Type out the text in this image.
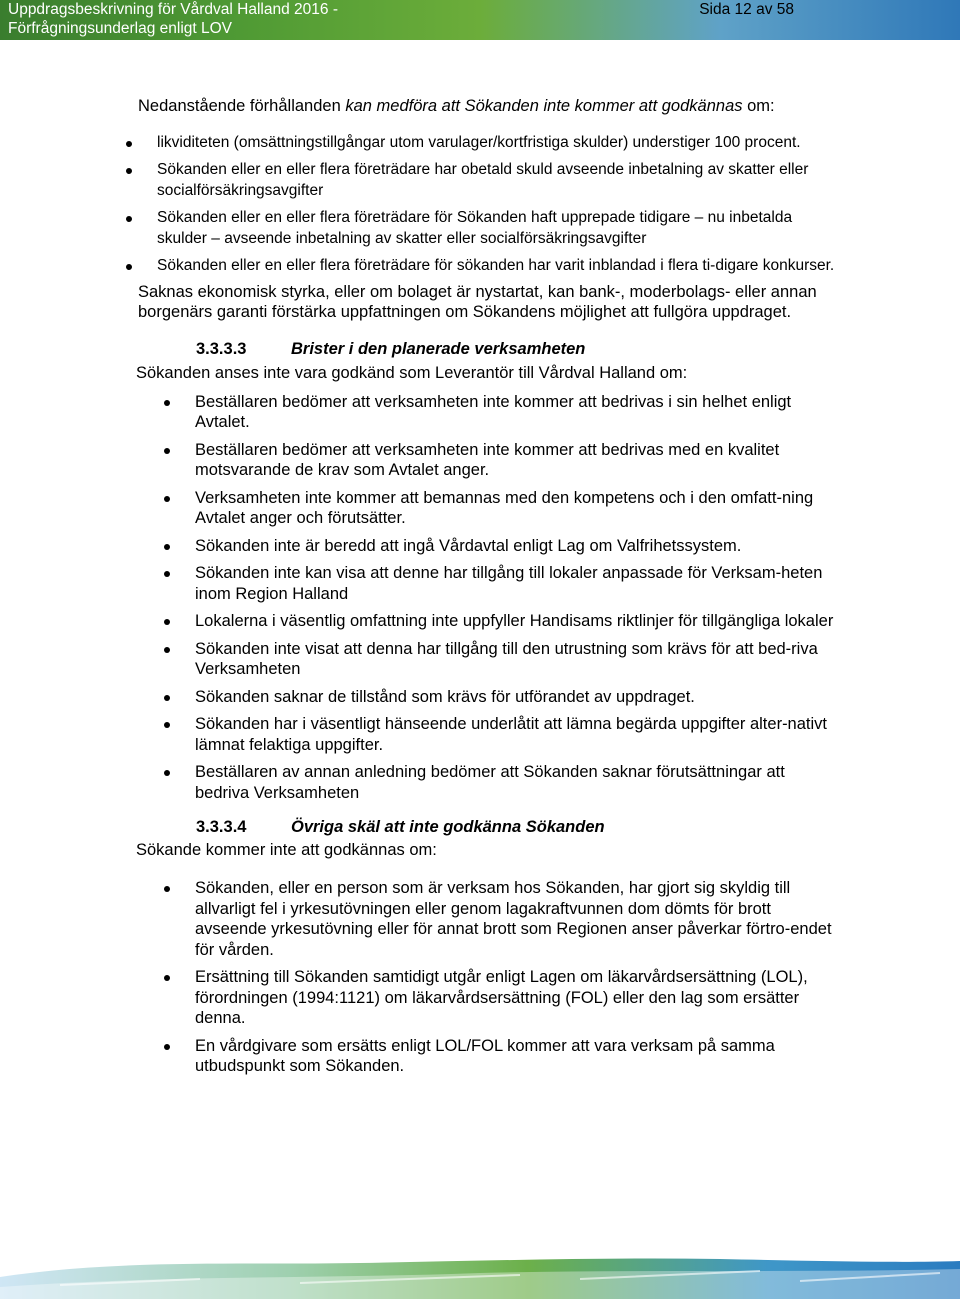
Uppdragsbeskrivning för Vårdval Halland 2016 -
Förfrågningsunderlag enligt LOV
Sida 12 av 58

Nedanstående förhållanden kan medföra att Sökanden inte kommer att godkännas om:

likviditeten (omsättningstillgångar utom varulager/kortfristiga skulder) understiger 100 procent.
Sökanden eller en eller flera företrädare har obetald skuld avseende inbetalning av skatter eller socialförsäkringsavgifter
Sökanden eller en eller flera företrädare för Sökanden haft upprepade tidigare – nu inbetalda skulder – avseende inbetalning av skatter eller socialförsäkringsavgifter
Sökanden eller en eller flera företrädare för sökanden har varit inblandad i flera ti-digare konkurser.

Saknas ekonomisk styrka, eller om bolaget är nystartat, kan bank-, moderbolags- eller annan borgenärs garanti förstärka uppfattningen om Sökandens möjlighet att fullgöra uppdraget.

3.3.3.3	Brister i den planerade verksamheten

Sökanden anses inte vara godkänd som Leverantör till Vårdval Halland om:

Beställaren bedömer att verksamheten inte kommer att bedrivas i sin helhet enligt Avtalet.
Beställaren bedömer att verksamheten inte kommer att bedrivas med en kvalitet motsvarande de krav som Avtalet anger.
Verksamheten inte kommer att bemannas med den kompetens och i den omfatt-ning Avtalet anger och förutsätter.
Sökanden inte är beredd att ingå Vårdavtal enligt Lag om Valfrihetssystem.
Sökanden inte kan visa att denne har tillgång till lokaler anpassade för Verksam-heten inom Region Halland
Lokalerna i väsentlig omfattning inte uppfyller Handisams riktlinjer för tillgängliga lokaler
Sökanden inte visat att denna har tillgång till den utrustning som krävs för att bed-riva Verksamheten
Sökanden saknar de tillstånd som krävs för utförandet av uppdraget.
Sökanden har i väsentligt hänseende underlåtit att lämna begärda uppgifter alter-nativt lämnat felaktiga uppgifter.
Beställaren av annan anledning bedömer att Sökanden saknar förutsättningar att bedriva Verksamheten

3.3.3.4	Övriga skäl att inte godkänna Sökanden

Sökande kommer inte att godkännas om:

Sökanden, eller en person som är verksam hos Sökanden, har gjort sig skyldig till allvarligt fel i yrkesutövningen eller genom lagakraftvunnen dom dömts för brott avseende yrkesutövning eller för annat brott som Regionen anser påverkar förtro-endet för vården.
Ersättning till Sökanden samtidigt utgår enligt Lagen om läkarvårdsersättning (LOL), förordningen (1994:1121) om läkarvårdsersättning (FOL) eller den lag som ersätter denna.
En vårdgivare som ersätts enligt LOL/FOL kommer att vara verksam på samma utbudspunkt som Sökanden.
